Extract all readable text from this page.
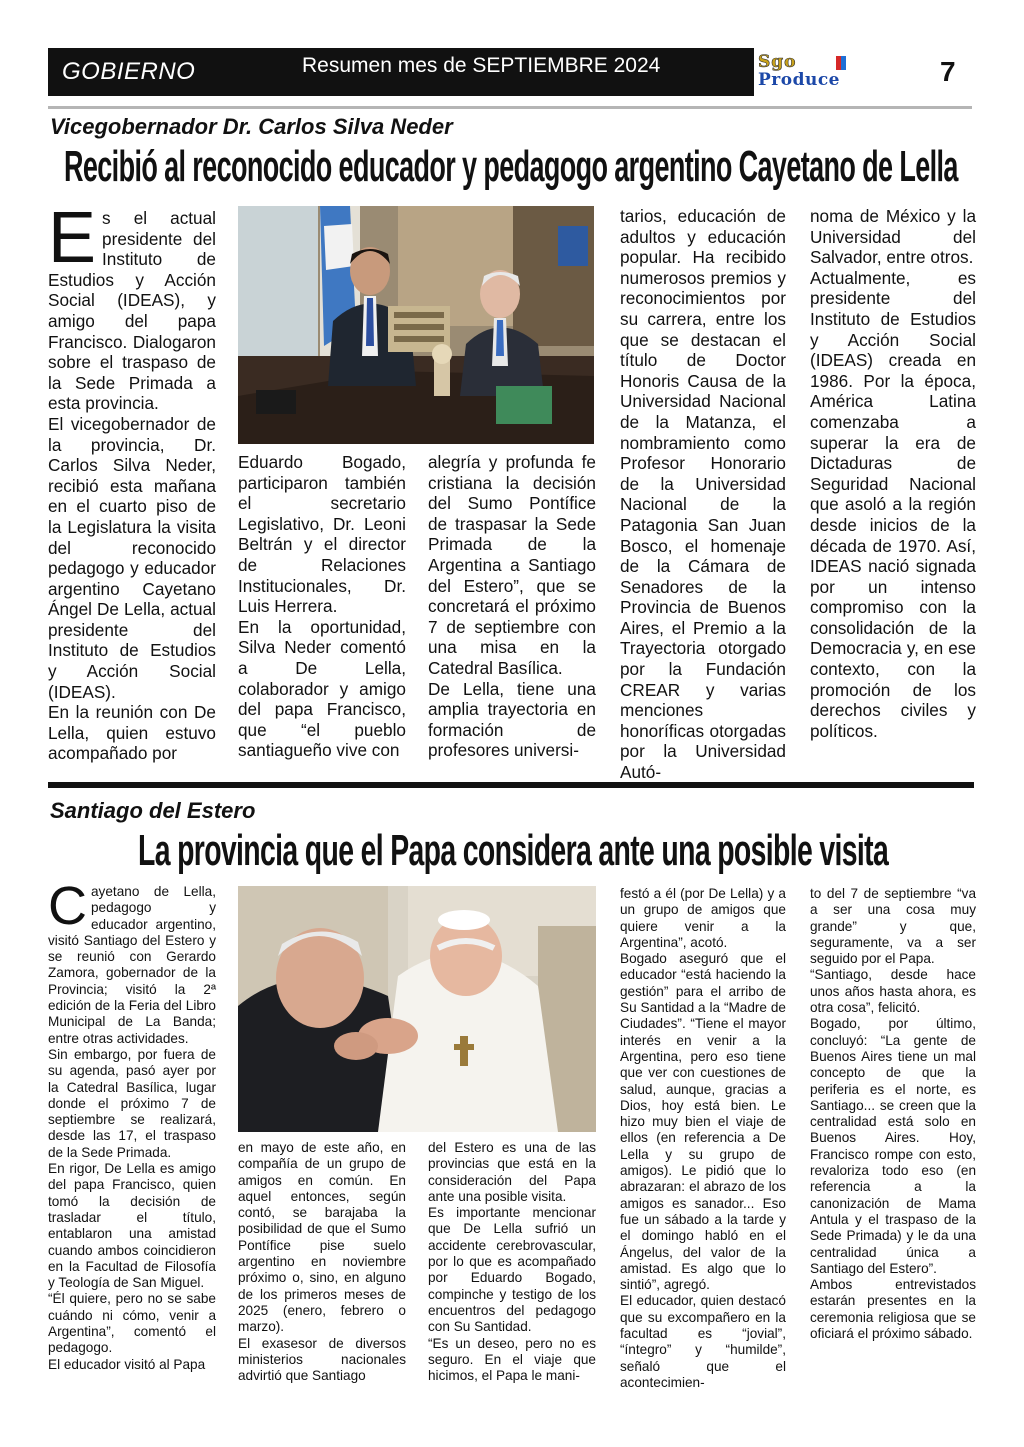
GOBIERNO	Resumen mes de SEPTIEMBRE 2024	Sgo
Produce	7
Vicegobernador Dr. Carlos Silva Neder
Recibió al reconocido educador y pedagogo argentino Cayetano de Lella
E s el actual presidente del Instituto de Estudios y Acción Social (IDEAS), y amigo del papa Francisco. Dialogaron sobre el traspaso de la Sede Primada a esta provincia.

El vicegobernador de la provincia, Dr. Carlos Silva Neder, recibió esta mañana en el cuarto piso de la Legislatura la visita del reconocido pedagogo y educador argentino Cayetano Ángel De Lella, actual presidente del Instituto de Estudios y Acción Social (IDEAS).

En la reunión con De Lella, quien estuvo acompañado por

Eduardo Bogado, participaron también el secretario Legislativo, Dr. Leoni Beltrán y el director de Relaciones Institucionales, Dr. Luis Herrera.

En la oportunidad, Silva Neder comentó a De Lella, colaborador y amigo del papa Francisco, que “el pueblo santiagueño vive con

alegría y profunda fe cristiana la decisión del Sumo Pontífice de traspasar la Sede Primada de la Argentina a Santiago del Estero”, que se concretará el próximo 7 de septiembre con una misa en la Catedral Basílica.

De Lella, tiene una amplia trayectoria en formación de profesores universi-

tarios, educación de adultos y educación popular. Ha recibido numerosos premios y reconocimientos por su carrera, entre los que se destacan el título de Doctor Honoris Causa de la Universidad Nacional de la Matanza, el nombramiento como Profesor Honorario de la Universidad Nacional de la Patagonia San Juan Bosco, el homenaje de la Cámara de Senadores de la Provincia de Buenos Aires, el Premio a la Trayectoria otorgado por la Fundación CREAR y varias menciones honoríficas otorgadas por la Universidad Autó-

noma de México y la Universidad del Salvador, entre otros.

Actualmente, es presidente del Instituto de Estudios y Acción Social (IDEAS) creada en 1986. Por la época, América Latina comenzaba a superar la era de Dictaduras de Seguridad Nacional que asoló a la región desde inicios de la década de 1970. Así, IDEAS nació signada por un intenso compromiso con la consolidación de la Democracia y, en ese contexto, con la promoción de los derechos civiles y políticos.

Santiago del Estero
La provincia que el Papa considera ante una posible visita
C ayetano de Lella, pedagogo y educador argentino, visitó Santiago del Estero y se reunió con Gerardo Zamora, gobernador de la Provincia; visitó la 2ª edición de la Feria del Libro Municipal de La Banda; entre otras actividades.

Sin embargo, por fuera de su agenda, pasó ayer por la Catedral Basílica, lugar donde el próximo 7 de septiembre se realizará, desde las 17, el traspaso de la Sede Primada.

En rigor, De Lella es amigo del papa Francisco, quien tomó la decisión de trasladar el título, entablaron una amistad cuando ambos coincidieron en la Facultad de Filosofía y Teología de San Miguel.

“Él quiere, pero no se sabe cuándo ni cómo, venir a Argentina”, comentó el pedagogo.

El educador visitó al Papa

en mayo de este año, en compañía de un grupo de amigos en común. En aquel entonces, según contó, se barajaba la posibilidad de que el Sumo Pontífice pise suelo argentino en noviembre próximo o, sino, en alguno de los primeros meses de 2025 (enero, febrero o marzo).

El exasesor de diversos ministerios nacionales advirtió que Santiago

del Estero es una de las provincias que está en la consideración del Papa ante una posible visita.

Es importante mencionar que De Lella sufrió un accidente cerebrovascular, por lo que es acompañado por Eduardo Bogado, compinche y testigo de los encuentros del pedagogo con Su Santidad.

“Es un deseo, pero no es seguro. En el viaje que hicimos, el Papa le mani-

festó a él (por De Lella) y a un grupo de amigos que quiere venir a la Argentina”, acotó.

Bogado aseguró que el educador “está haciendo la gestión” para el arribo de Su Santidad a la “Madre de Ciudades”. “Tiene el mayor interés en venir a la Argentina, pero eso tiene que ver con cuestiones de salud, aunque, gracias a Dios, hoy está bien. Le hizo muy bien el viaje de ellos (en referencia a De Lella y su grupo de amigos). Le pidió que lo abrazaran: el abrazo de los amigos es sanador... Eso fue un sábado a la tarde y el domingo habló en el Ángelus, del valor de la amistad. Es algo que lo sintió”, agregó.

El educador, quien destacó que su excompañero en la facultad es “jovial”, “íntegro” y “humilde”, señaló que el acontecimien-

to del 7 de septiembre “va a ser una cosa muy grande” y que, seguramente, va a ser seguido por el Papa.

“Santiago, desde hace unos años hasta ahora, es otra cosa”, felicitó.

Bogado, por último, concluyó: “La gente de Buenos Aires tiene un mal concepto de que la periferia es el norte, es Santiago... se creen que la centralidad está solo en Buenos Aires. Hoy, Francisco rompe con esto, revaloriza todo eso (en referencia a la canonización de Mama Antula y el traspaso de la Sede Primada) y le da una centralidad única a Santiago del Estero”.

Ambos entrevistados estarán presentes en la ceremonia religiosa que se oficiará el próximo sábado.
